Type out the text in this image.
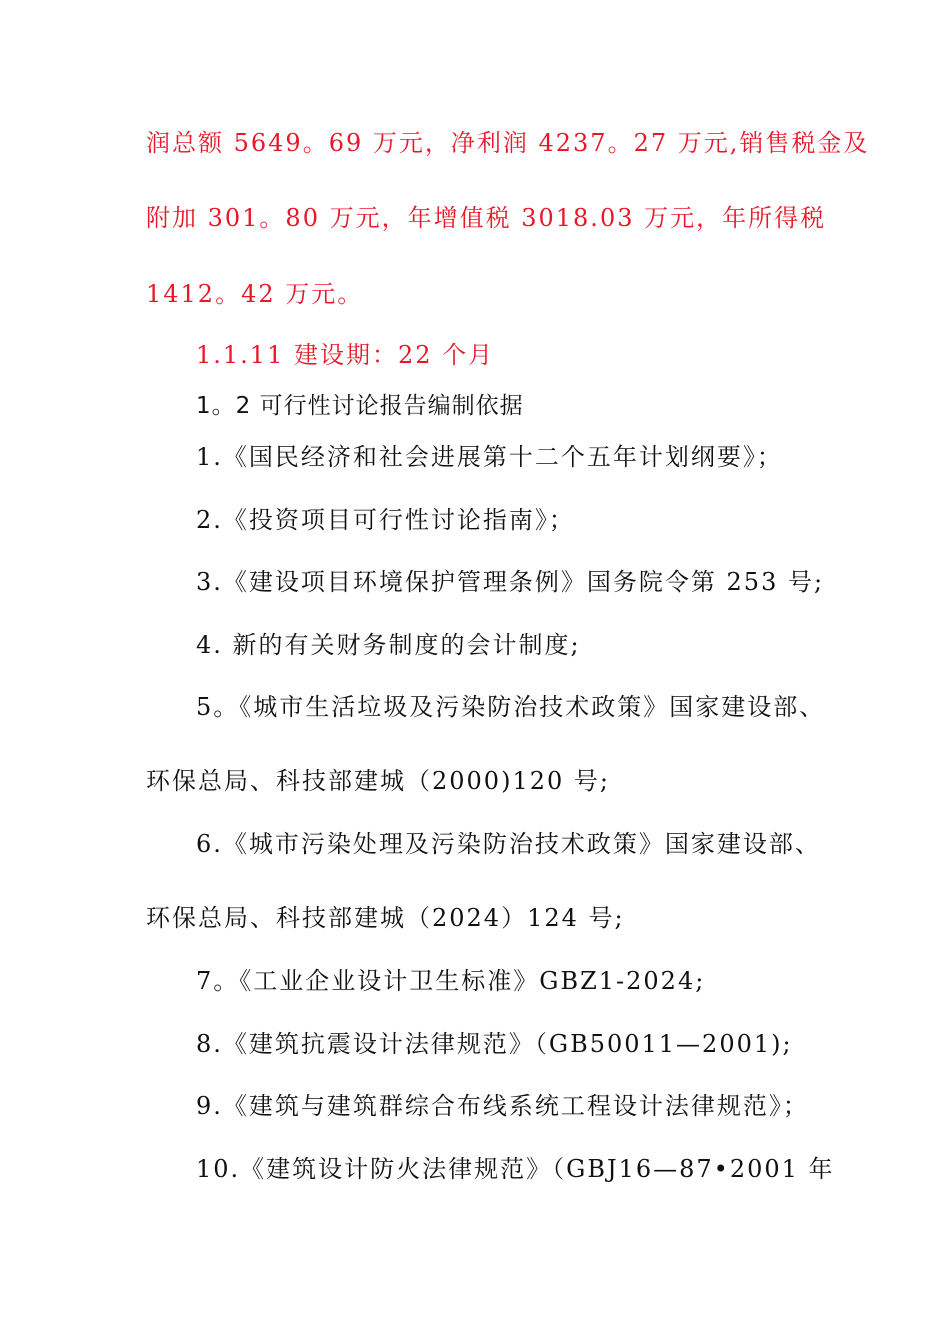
润总额 5649。69 万元，净利润 4237。27 万元,销售税金及
附加 301。80 万元，年增值税 3018.03 万元，年所得税
1412。42 万元。
1.1.11 建设期：22 个月
1。2 可行性讨论报告编制依据
1.《国民经济和社会进展第十二个五年计划纲要》；
2.《投资项目可行性讨论指南》；
3.《建设项目环境保护管理条例》国务院令第 253 号;
4. 新的有关财务制度的会计制度;
5。《城市生活垃圾及污染防治技术政策》国家建设部、
环保总局、科技部建城（2000)120 号;
6.《城市污染处理及污染防治技术政策》国家建设部、
环保总局、科技部建城（2024）124 号;
7。《工业企业设计卫生标准》GBZ1-2024;
8.《建筑抗震设计法律规范》（GB50011—2001);
9.《建筑与建筑群综合布线系统工程设计法律规范》；
10.《建筑设计防火法律规范》（GBJ16—87•2001 年
